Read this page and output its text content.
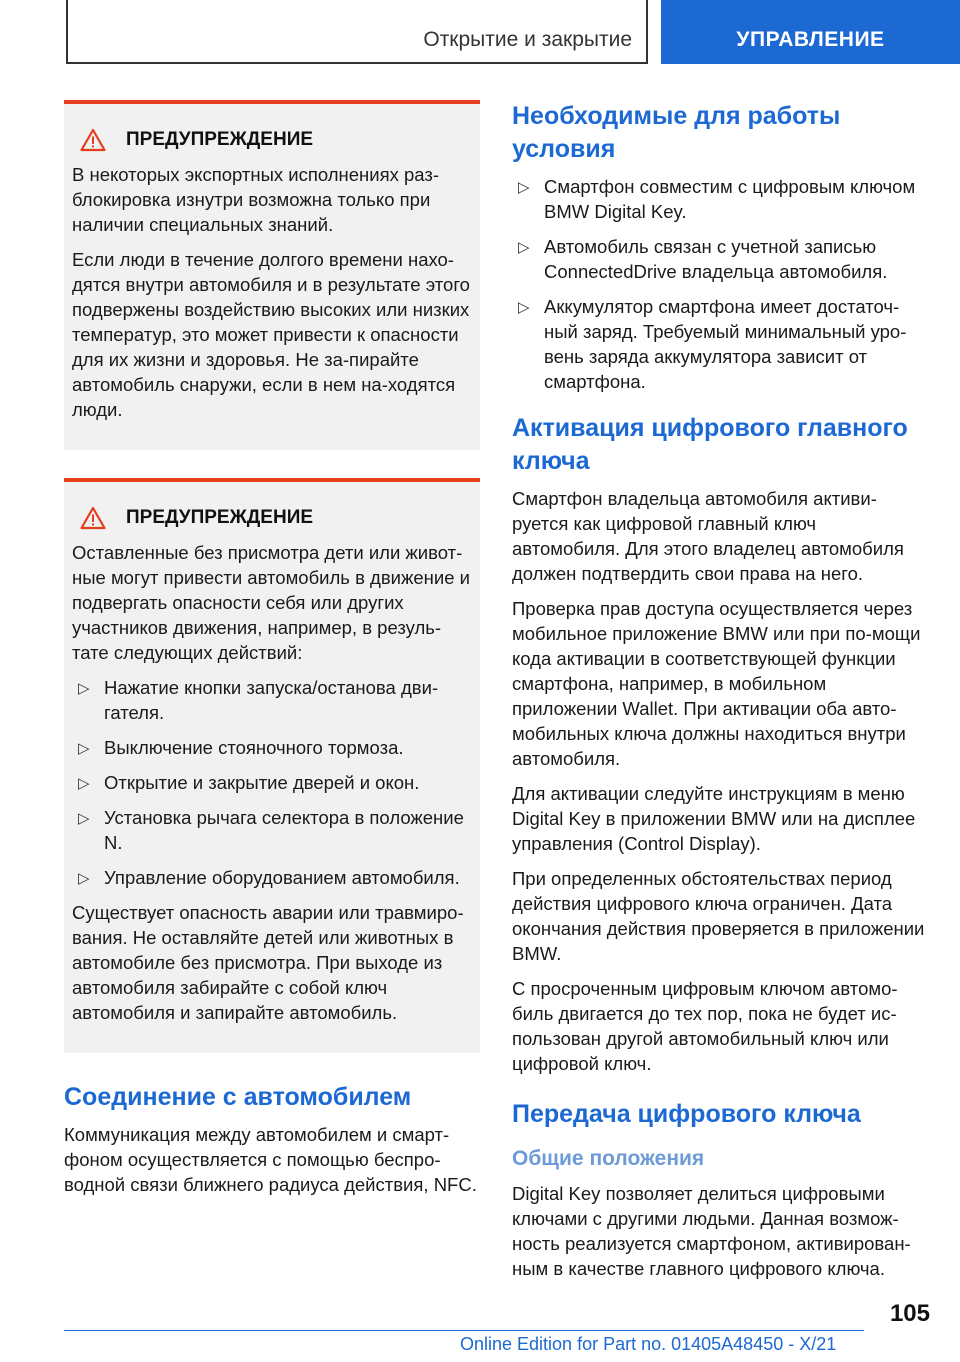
Открытие и закрытие	УПРАВЛЕНИЕ
ПРЕДУПРЕЖДЕНИЕ

В некоторых экспортных исполнениях раз-блокировка изнутри возможна только при наличии специальных знаний.

Если люди в течение долгого времени нахо-дятся внутри автомобиля и в результате этого подвержены воздействию высоких или низких температур, это может привести к опасности для их жизни и здоровья. Не за-пирайте автомобиль снаружи, если в нем на-ходятся люди.

ПРЕДУПРЕЖДЕНИЕ

Оставленные без присмотра дети или живот-ные могут привести автомобиль в движение и подвергать опасности себя или других участников движения, например, в резуль-тате следующих действий:

▷ Нажатие кнопки запуска/останова дви-гателя.
▷ Выключение стояночного тормоза.
▷ Открытие и закрытие дверей и окон.
▷ Установка рычага селектора в положение N.
▷ Управление оборудованием автомобиля.

Существует опасность аварии или травмиро-вания. Не оставляйте детей или животных в автомобиле без присмотра. При выходе из автомобиля забирайте с собой ключ автомобиля и запирайте автомобиль.

Соединение с автомобилем

Коммуникация между автомобилем и смарт-фоном осуществляется с помощью беспро-водной связи ближнего радиуса действия, NFC.

Необходимые для работы условия
▷ Смартфон совместим с цифровым ключом BMW Digital Key.
▷ Автомобиль связан с учетной записью ConnectedDrive владельца автомобиля.
▷ Аккумулятор смартфона имеет достаточ-ный заряд. Требуемый минимальный уро-вень заряда аккумулятора зависит от смартфона.
Активация цифрового главного ключа

Смартфон владельца автомобиля активи-руется как цифровой главный ключ автомобиля. Для этого владелец автомобиля должен подтвердить свои права на него.

Проверка прав доступа осуществляется через мобильное приложение BMW или при по-мощи кода активации в соответствующей функции смартфона, например, в мобильном приложении Wallet. При активации оба авто-мобильных ключа должны находиться внутри автомобиля.

Для активации следуйте инструкциям в меню Digital Key в приложении BMW или на дисплее управления (Control Display).

При определенных обстоятельствах период действия цифрового ключа ограничен. Дата окончания действия проверяется в приложении BMW.

С просроченным цифровым ключом автомо-биль двигается до тех пор, пока не будет ис-пользован другой автомобильный ключ или цифровой ключ.

Передача цифрового ключа
Общие положения

Digital Key позволяет делиться цифровыми ключами с другими людьми. Данная возмож-ность реализуется смартфоном, активирован-ным в качестве главного цифрового ключа.

105
Online Edition for Part no. 01405A48450 - X/21
